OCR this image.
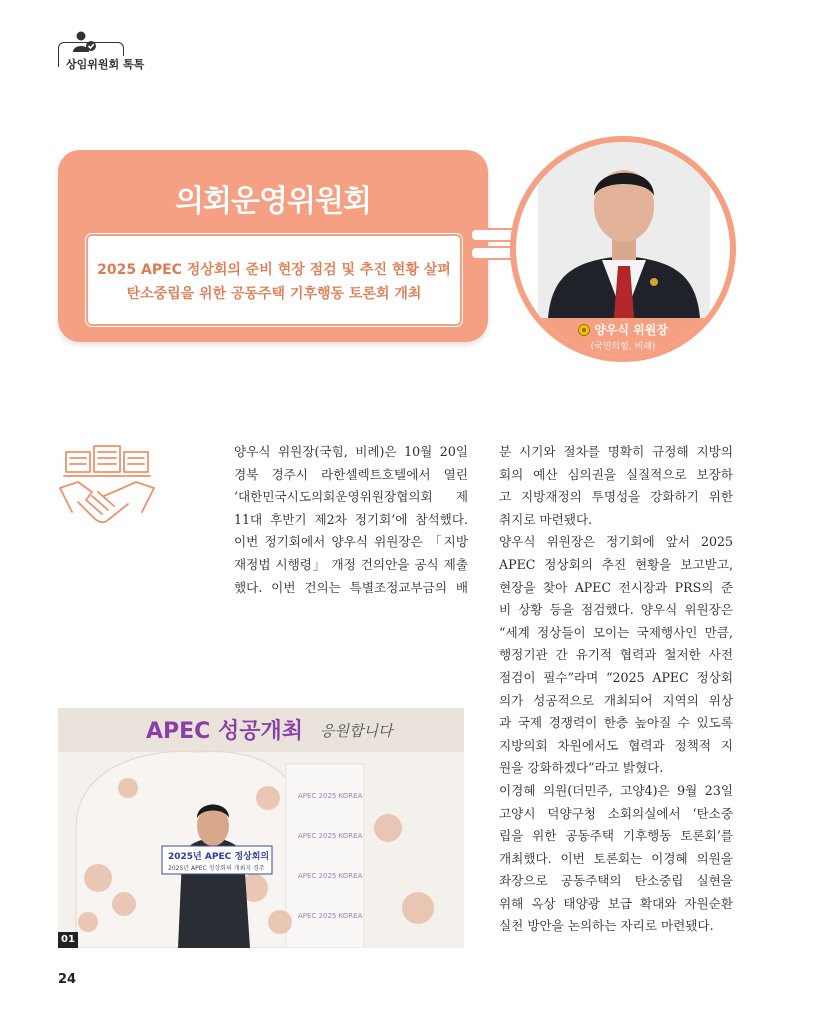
상임위원회 톡톡
의회운영위원회
2025 APEC 정상회의 준비 현장 점검 및 추진 현황 살펴
탄소중립을 위한 공동주택 기후행동 토론회 개최
양우식 위원장
(국민의힘, 비례)

양우식 위원장(국힘, 비례)은 10월 20일

경북 경주시 라한셀렉트호텔에서 열린

‘대한민국시도의회운영위원장협의회 제

11대 후반기 제2차 정기회’에 참석했다.

이번 정기회에서 양우식 위원장은 「지방

재정법 시행령」 개정 건의안을 공식 제출

했다. 이번 건의는 특별조정교부금의 배

분 시기와 절차를 명확히 규정해 지방의

회의 예산 심의권을 실질적으로 보장하

고 지방재정의 투명성을 강화하기 위한

취지로 마련됐다.

양우식 위원장은 정기회에 앞서 2025

APEC 정상회의 추진 현황을 보고받고,

현장을 찾아 APEC 전시장과 PRS의 준

비 상황 등을 점검했다. 양우식 위원장은

“세계 정상들이 모이는 국제행사인 만큼,

행정기관 간 유기적 협력과 철저한 사전

점검이 필수”라며 “2025 APEC 정상회

의가 성공적으로 개최되어 지역의 위상

과 국제 경쟁력이 한층 높아질 수 있도록

지방의회 차원에서도 협력과 정책적 지

원을 강화하겠다”라고 밝혔다.

이경혜 의원(더민주, 고양4)은 9월 23일

고양시 덕양구청 소회의실에서 ‘탄소중

립을 위한 공동주택 기후행동 토론회’를

개최했다. 이번 토론회는 이경혜 의원을

좌장으로 공동주택의 탄소중립 실현을

위해 옥상 태양광 보급 확대와 자원순환

실천 방안을 논의하는 자리로 마련됐다.

APEC 성공개최 응원합니다
APEC 2025 KOREA
APEC 2025 KOREA
APEC 2025 KOREA
APEC 2025 KOREA
2025년 APEC 정상회의
2025년 APEC 정상회의 개최지 경주
01
24
